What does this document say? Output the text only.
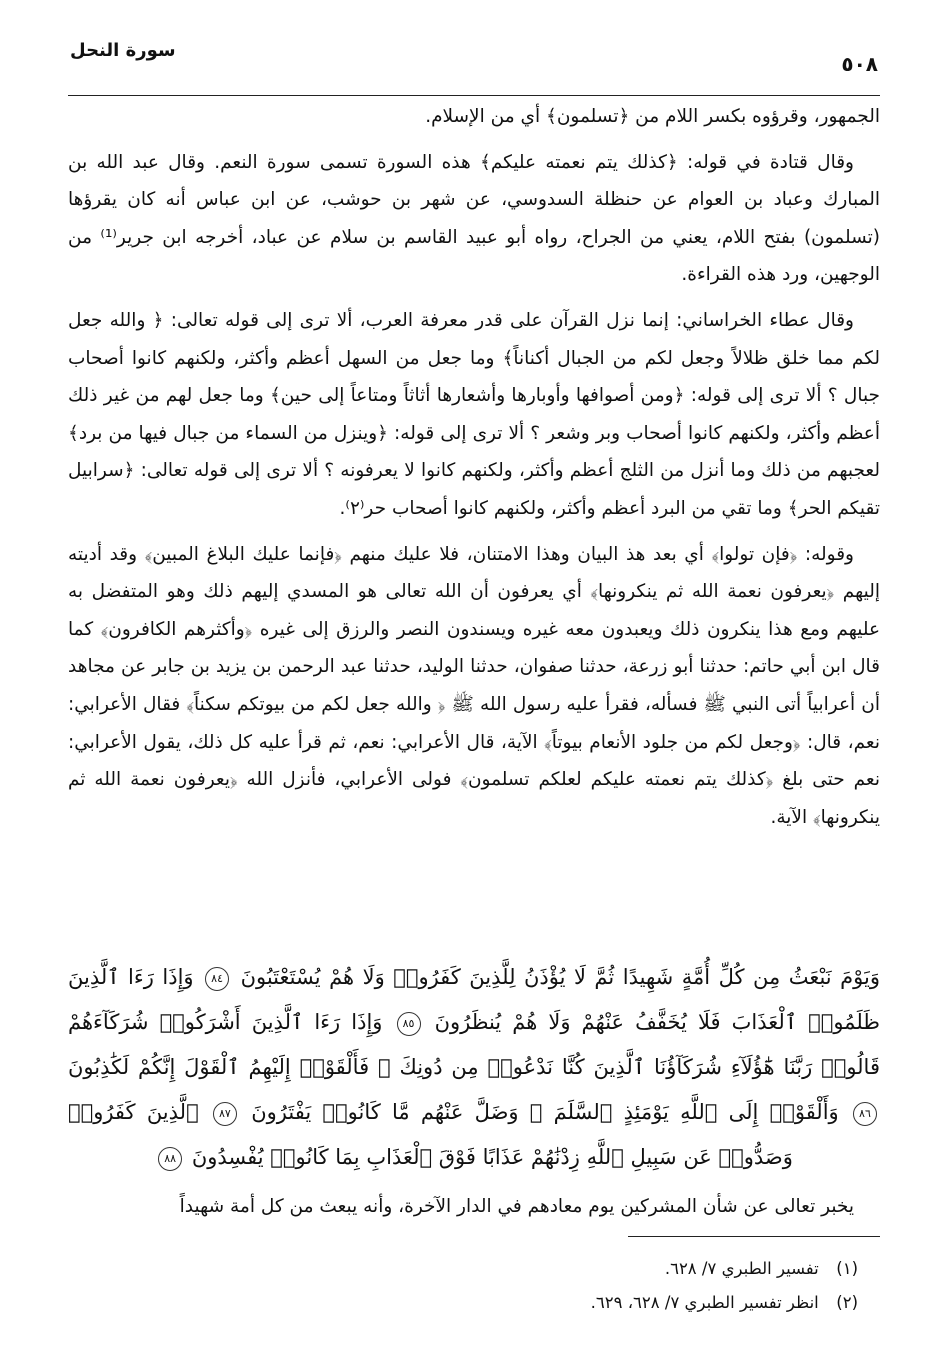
٥٠٨
سورة النحل

الجمهور، وقرؤوه بكسر اللام من ﴿تسلمون﴾ أي من الإسلام.

وقال قتادة في قوله: ﴿كذلك يتم نعمته عليكم﴾ هذه السورة تسمى سورة النعم. وقال عبد الله بن المبارك وعباد بن العوام عن حنظلة السدوسي، عن شهر بن حوشب، عن ابن عباس أنه كان يقرؤها (تسلمون) بفتح اللام، يعني من الجراح، رواه أبو عبيد القاسم بن سلام عن عباد، أخرجه ابن جرير⁽¹⁾ من الوجهين، ورد هذه القراءة.

وقال عطاء الخراساني: إنما نزل القرآن على قدر معرفة العرب، ألا ترى إلى قوله تعالى: ﴿ والله جعل لكم مما خلق ظلالاً وجعل لكم من الجبال أكناناً﴾ وما جعل من السهل أعظم وأكثر، ولكنهم كانوا أصحاب جبال ؟ ألا ترى إلى قوله: ﴿ومن أصوافها وأوبارها وأشعارها أثاثاً ومتاعاً إلى حين﴾ وما جعل لهم من غير ذلك أعظم وأكثر، ولكنهم كانوا أصحاب وبر وشعر ؟ ألا ترى إلى قوله: ﴿وينزل من السماء من جبال فيها من برد﴾ لعجبهم من ذلك وما أنزل من الثلج أعظم وأكثر، ولكنهم كانوا لا يعرفونه ؟ ألا ترى إلى قوله تعالى: ﴿سرابيل تقيكم الحر﴾ وما تقي من البرد أعظم وأكثر، ولكنهم كانوا أصحاب حر⁽٢⁾.

وقوله: ﴿فإن تولوا﴾ أي بعد هذ البيان وهذا الامتنان، فلا عليك منهم ﴿فإنما عليك البلاغ المبين﴾ وقد أديته إليهم ﴿يعرفون نعمة الله ثم ينكرونها﴾ أي يعرفون أن الله تعالى هو المسدي إليهم ذلك وهو المتفضل به عليهم ومع هذا ينكرون ذلك ويعبدون معه غيره ويسندون النصر والرزق إلى غيره ﴿وأكثرهم الكافرون﴾ كما قال ابن أبي حاتم: حدثنا أبو زرعة، حدثنا صفوان، حدثنا الوليد، حدثنا عبد الرحمن بن يزيد بن جابر عن مجاهد أن أعرابياً أتى النبي ﷺ فسأله، فقرأ عليه رسول الله ﷺ ﴿ والله جعل لكم من بيوتكم سكناً﴾ فقال الأعرابي: نعم، قال: ﴿وجعل لكم من جلود الأنعام بيوتاً﴾ الآية، قال الأعرابي: نعم، ثم قرأ عليه كل ذلك، يقول الأعرابي: نعم حتى بلغ ﴿كذلك يتم نعمته عليكم لعلكم تسلمون﴾ فولى الأعرابي، فأنزل الله ﴿يعرفون نعمة الله ثم ينكرونها﴾ الآية.

وَيَوْمَ نَبْعَثُ مِن كُلِّ أُمَّةٍ شَهِيدًا ثُمَّ لَا يُؤْذَنُ لِلَّذِينَ كَفَرُوا۟ وَلَا هُمْ يُسْتَعْتَبُونَ ٨٤ وَإِذَا رَءَا ٱلَّذِينَ ظَلَمُوا۟ ٱلْعَذَابَ فَلَا يُخَفَّفُ عَنْهُمْ وَلَا هُمْ يُنظَرُونَ ٨٥ وَإِذَا رَءَا ٱلَّذِينَ أَشْرَكُوا۟ شُرَكَآءَهُمْ قَالُوا۟ رَبَّنَا هَٰٓؤُلَآءِ شُرَكَآؤُنَا ٱلَّذِينَ كُنَّا نَدْعُوا۟ مِن دُونِكَ ۖ فَأَلْقَوْا۟ إِلَيْهِمُ ٱلْقَوْلَ إِنَّكُمْ لَكَٰذِبُونَ ٨٦ وَأَلْقَوْا۟ إِلَى ٱللَّهِ يَوْمَئِذٍ ٱلسَّلَمَ ۖ وَضَلَّ عَنْهُم مَّا كَانُوا۟ يَفْتَرُونَ ٨٧ ٱلَّذِينَ كَفَرُوا۟ وَصَدُّوا۟ عَن سَبِيلِ ٱللَّهِ زِدْنَٰهُمْ عَذَابًا فَوْقَ ٱلْعَذَابِ بِمَا كَانُوا۟ يُفْسِدُونَ ٨٨
يخبر تعالى عن شأن المشركين يوم معادهم في الدار الآخرة، وأنه يبعث من كل أمة شهيداً
(١) تفسير الطبري ٧/ ٦٢٨.
(٢) انظر تفسير الطبري ٧/ ٦٢٨، ٦٢٩.
